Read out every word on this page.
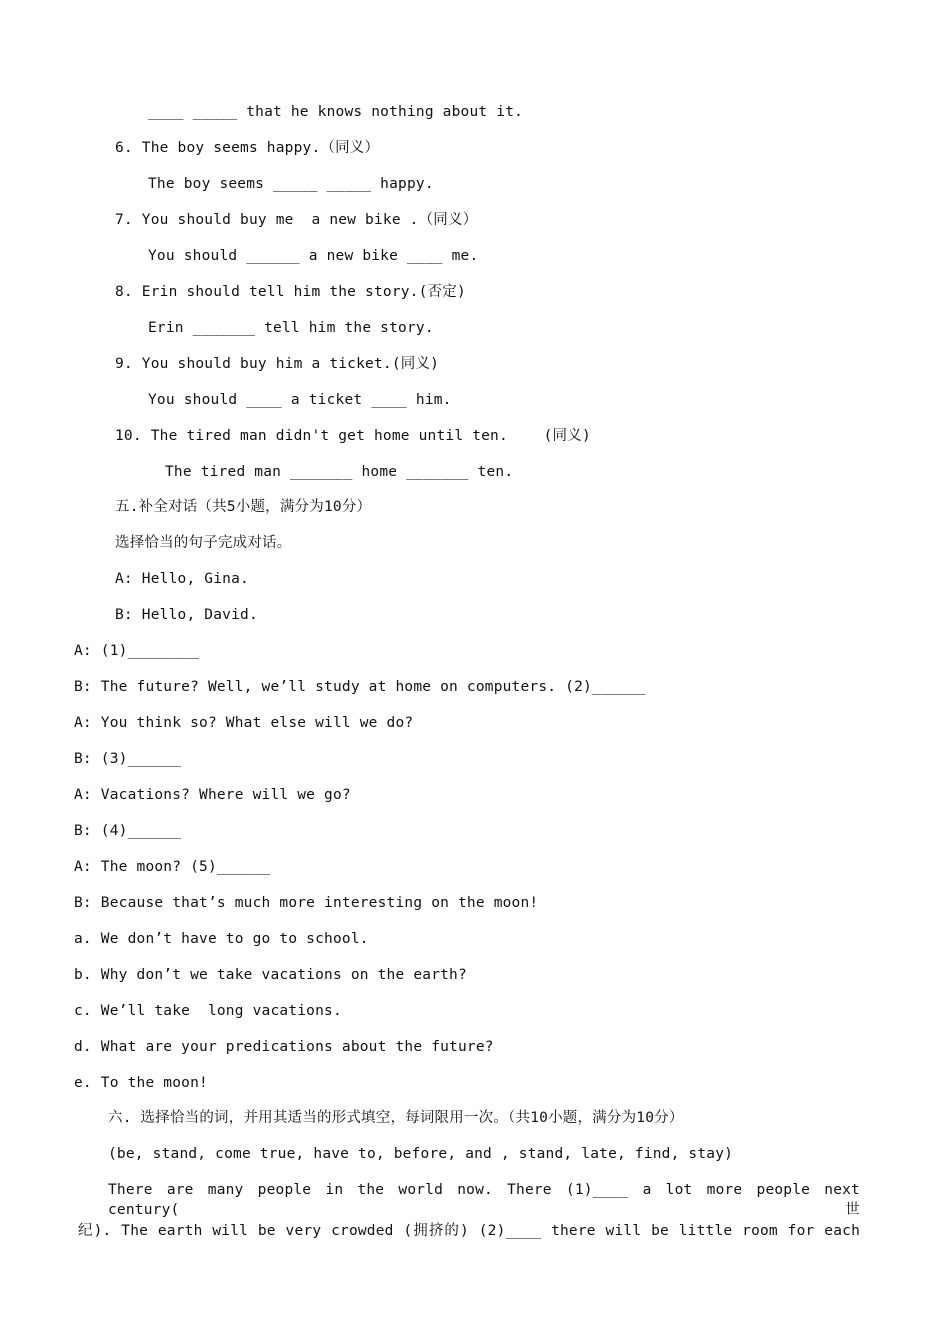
____ _____ that he knows nothing about it.
6. The boy seems happy.（同义）
The boy seems _____ _____ happy.
7. You should buy me  a new bike .（同义）
You should ______ a new bike ____ me.
8. Erin should tell him the story.(否定)
Erin _______ tell him the story.
9. You should buy him a ticket.(同义)
You should ____ a ticket ____ him.
10. The tired man didn't get home until ten.    (同义)
The tired man _______ home _______ ten.
五.补全对话（共5小题，满分为10分）
选择恰当的句子完成对话。
A: Hello, Gina.
B: Hello, David.
A: (1)________
B: The future? Well, we’ll study at home on computers. (2)______
A: You think so? What else will we do?
B: (3)______
A: Vacations? Where will we go?
B: (4)______
A: The moon? (5)______
B: Because that’s much more interesting on the moon!
a. We don’t have to go to school.
b. Why don’t we take vacations on the earth?
c. We’ll take  long vacations.
d. What are your predications about the future?
e. To the moon!
六. 选择恰当的词，并用其适当的形式填空，每词限用一次。（共10小题，满分为10分）
(be, stand, come true, have to, before, and , stand, late, find, stay)
There are many people in the world now. There (1)____ a lot more people next century(世
纪). The earth will be very crowded (拥挤的) (2)____ there will be little room for each
